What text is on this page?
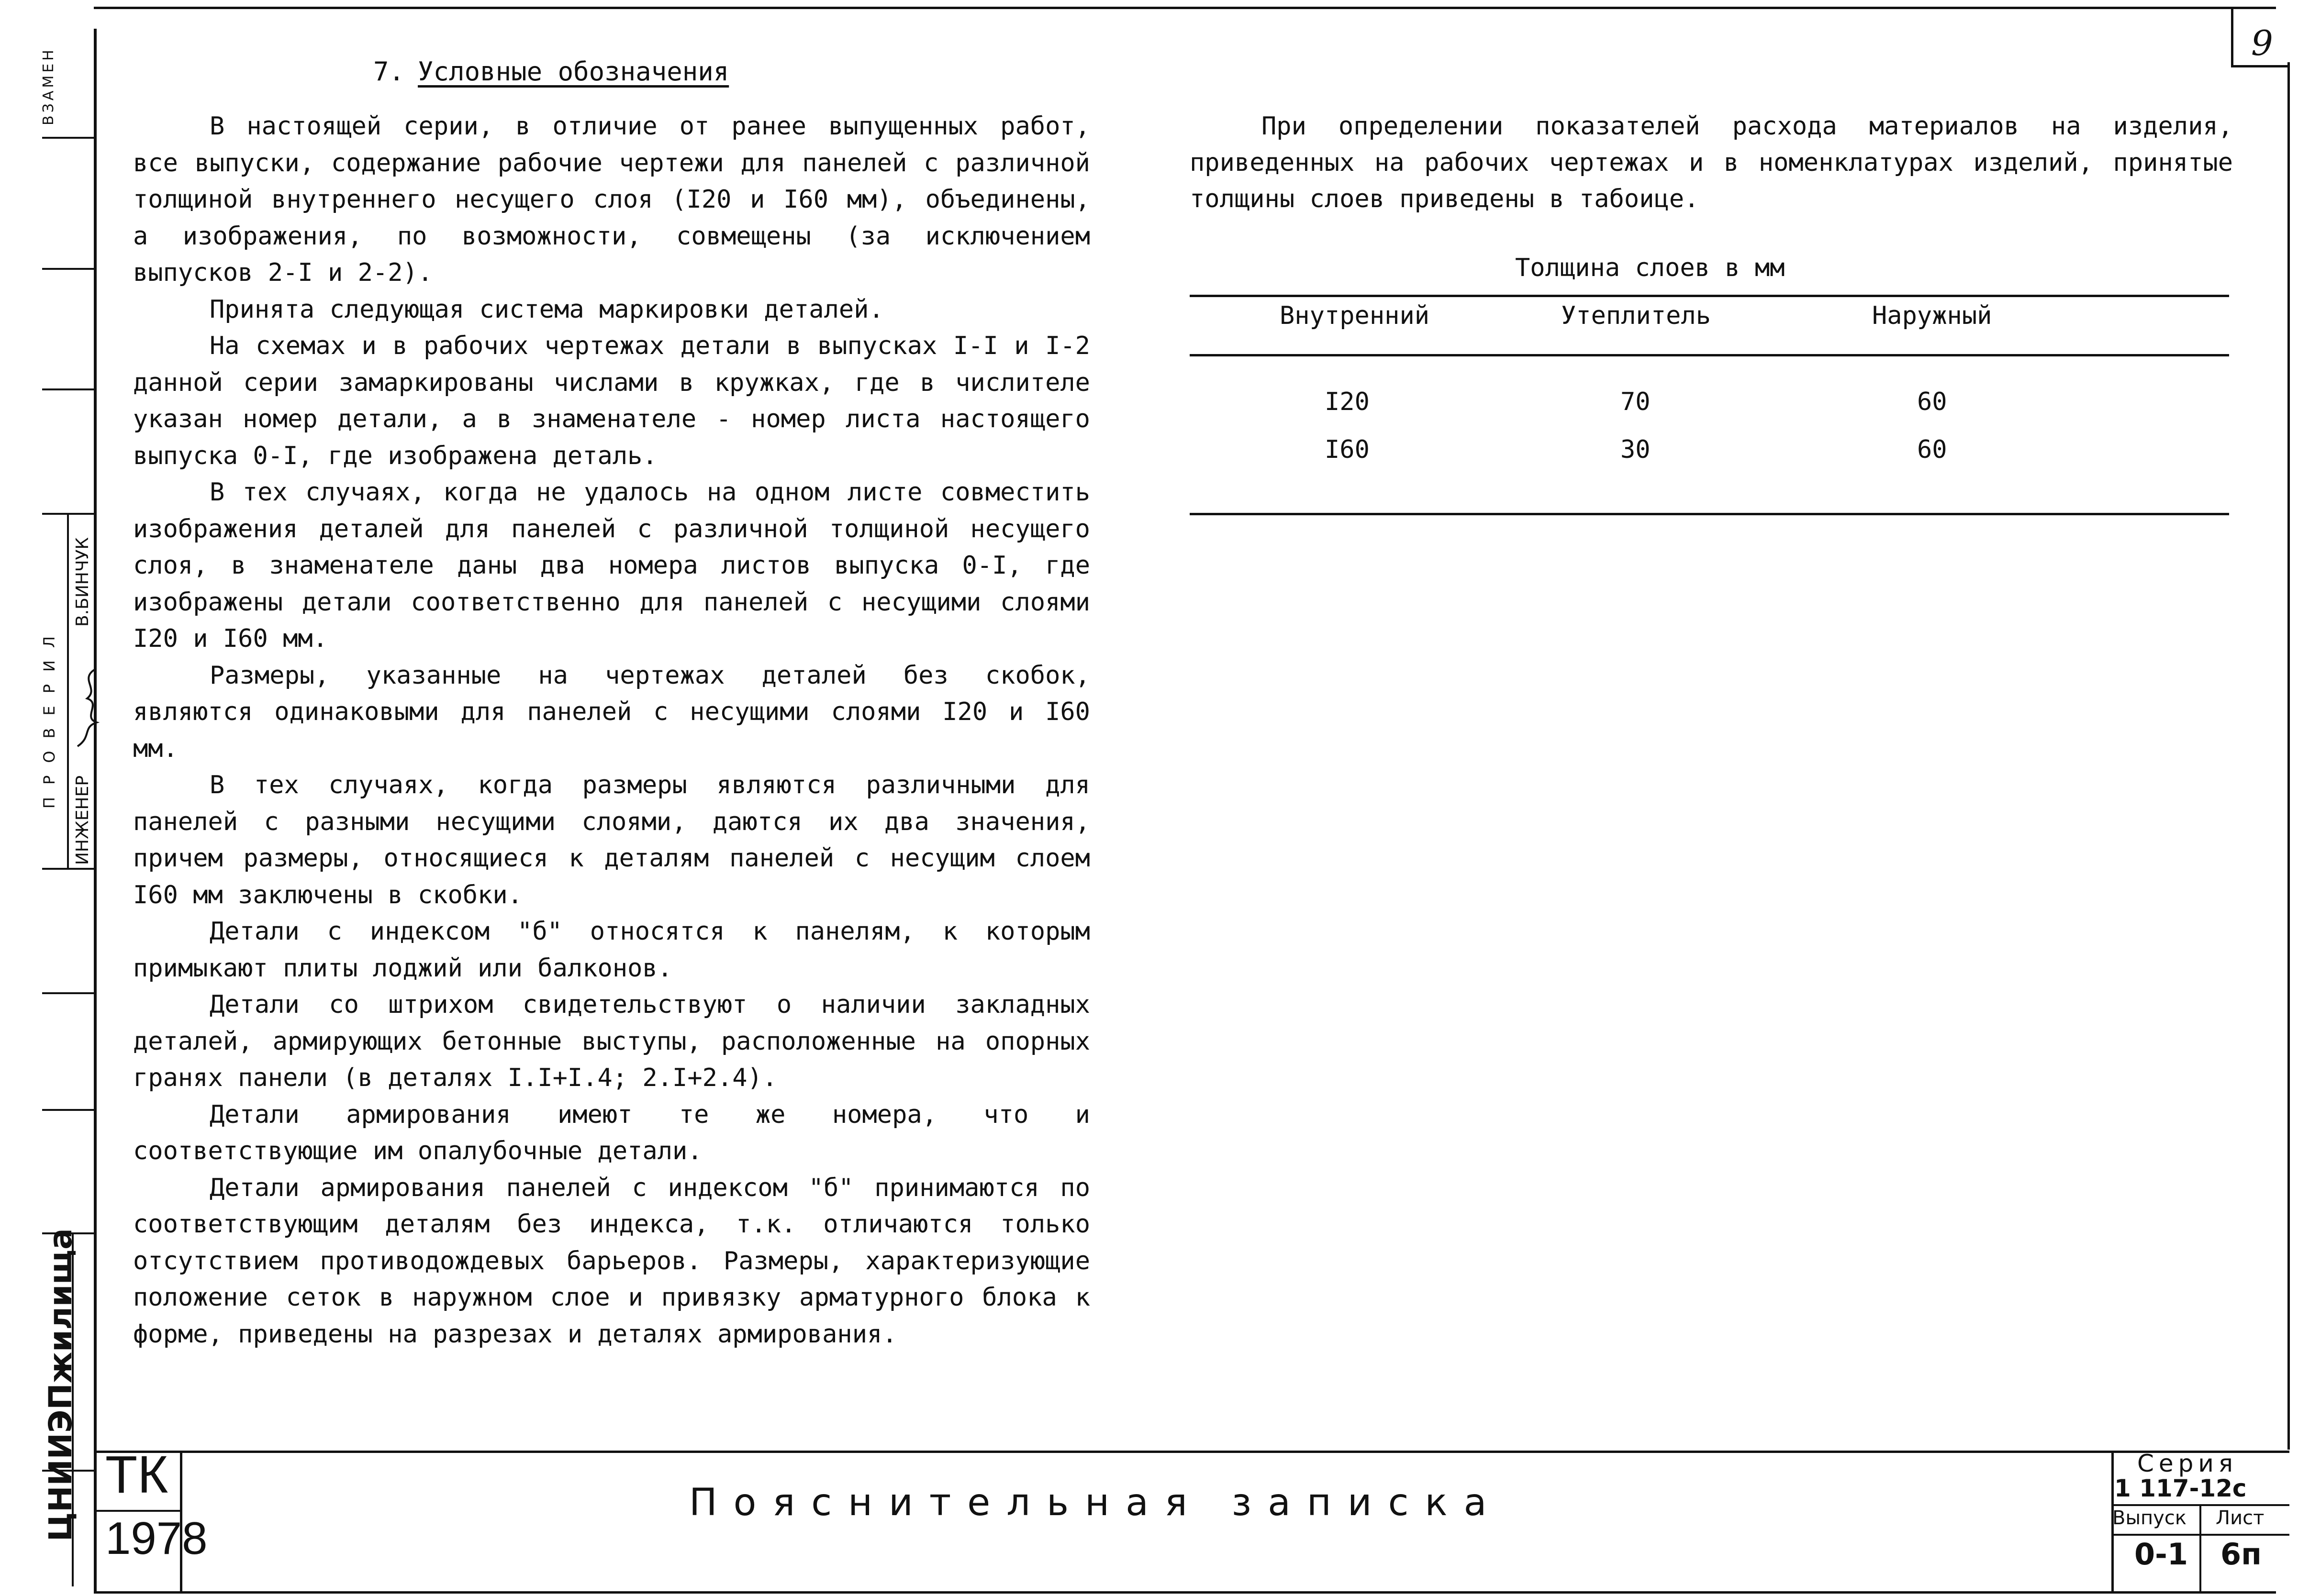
9
ВЗАМЕН
ПРОВЕРИЛ
ИНЖЕНЕР
В.БИНЧУК
ЦНИИЭПжилища
7. Условные обозначения

В настоящей серии, в отличие от ранее выпущенных работ, все выпуски, содержание рабочие чертежи для панелей с различной толщиной внутреннего несущего слоя (I20 и I60 мм), объединены, а изображения, по возможности, совмещены (за исключением выпусков 2-I и 2-2).

Принята следующая система маркировки деталей.

На схемах и в рабочих чертежах детали в выпусках I-I и I-2 данной серии замаркированы числами в кружках, где в числителе указан номер детали, а в знаменателе - номер листа настоящего выпуска 0-I, где изображена деталь.

В тех случаях, когда не удалось на одном листе совместить изображения деталей для панелей с различной толщиной несущего слоя, в знаменателе даны два номера листов выпуска 0-I, где изображены детали соответственно для панелей с несущими слоями I20 и I60 мм.

Размеры, указанные на чертежах деталей без скобок, являются одинаковыми для панелей с несущими слоями I20 и I60 мм.

В тех случаях, когда размеры являются различными для панелей с разными несущими слоями, даются их два значения, причем размеры, относящиеся к деталям панелей с несущим слоем I60 мм заключены в скобки.

Детали с индексом "б" относятся к панелям, к которым примыкают плиты лоджий или балконов.

Детали со штрихом свидетельствуют о наличии закладных деталей, армирующих бетонные выступы, расположенные на опорных гранях панели (в деталях I.I+I.4; 2.I+2.4).

Детали армирования имеют те же номера, что и соответствующие им опалубочные детали.

Детали армирования панелей с индексом "б" принимаются по соответствующим деталям без индекса, т.к. отличаются только отсутствием противодождевых барьеров. Размеры, характеризующие положение сеток в наружном слое и привязку арматурного блока к форме, приведены на разрезах и деталях армирования.

При определении показателей расхода материалов на изделия, приведенных на рабочих чертежах и в номенклатурах изделий, принятые толщины слоев приведены в табоице.

Толщина слоев в мм
Внутренний	Утеплитель	Наружный
I20	70	60
I60	30	60
ТК
1978
Пояснительная записка
Серия
1 117-12с
Выпуск Лист
0-1 6п
